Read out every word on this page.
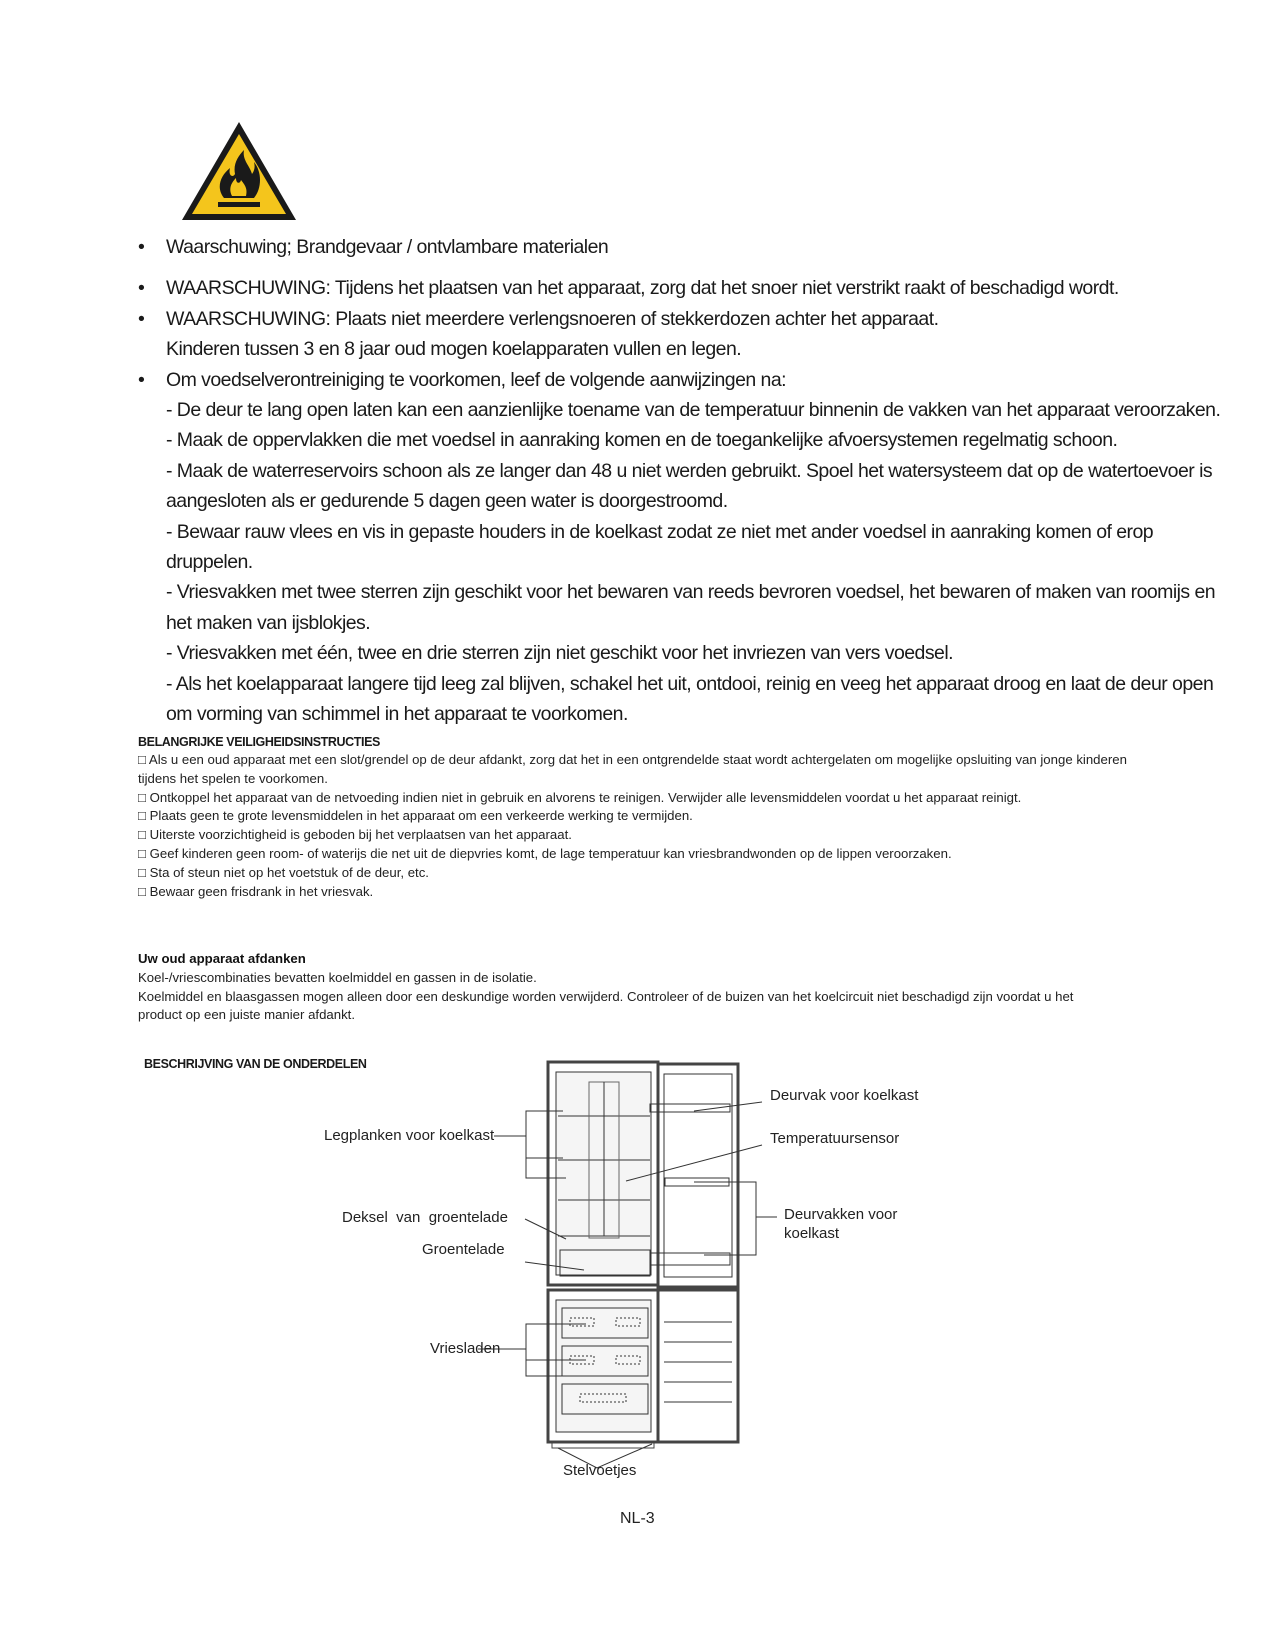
• Waarschuwing; Brandgevaar / ontvlambare materialen
• WAARSCHUWING: Tijdens het plaatsen van het apparaat, zorg dat het snoer niet verstrikt raakt of beschadigd wordt.
• WAARSCHUWING: Plaats niet meerdere verlengsnoeren of stekkerdozen achter het apparaat.
Kinderen tussen 3 en 8 jaar oud mogen koelapparaten vullen en legen.
• Om voedselverontreiniging te voorkomen, leef de volgende aanwijzingen na:
- De deur te lang open laten kan een aanzienlijke toename van de temperatuur binnenin de vakken van het apparaat veroorzaken.
- Maak de oppervlakken die met voedsel in aanraking komen en de toegankelijke afvoersystemen regelmatig schoon.
- Maak de waterreservoirs schoon als ze langer dan 48 u niet werden gebruikt. Spoel het watersysteem dat op de watertoevoer is aangesloten als er gedurende 5 dagen geen water is doorgestroomd.
- Bewaar rauw vlees en vis in gepaste houders in de koelkast zodat ze niet met ander voedsel in aanraking komen of erop druppelen.
- Vriesvakken met twee sterren zijn geschikt voor het bewaren van reeds bevroren voedsel, het bewaren of maken van roomijs en het maken van ijsblokjes.
- Vriesvakken met één, twee en drie sterren zijn niet geschikt voor het invriezen van vers voedsel.
- Als het koelapparaat langere tijd leeg zal blijven, schakel het uit, ontdooi, reinig en veeg het apparaat droog en laat de deur open om vorming van schimmel in het apparaat te voorkomen.
BELANGRIJKE VEILIGHEIDSINSTRUCTIES
□ Als u een oud apparaat met een slot/grendel op de deur afdankt, zorg dat het in een ontgrendelde staat wordt achtergelaten om mogelijke opsluiting van jonge kinderen tijdens het spelen te voorkomen.
□ Ontkoppel het apparaat van de netvoeding indien niet in gebruik en alvorens te reinigen. Verwijder alle levensmiddelen voordat u het apparaat reinigt.
□ Plaats geen te grote levensmiddelen in het apparaat om een verkeerde werking te vermijden.
□ Uiterste voorzichtigheid is geboden bij het verplaatsen van het apparaat.
□ Geef kinderen geen room- of waterijs die net uit de diepvries komt, de lage temperatuur kan vriesbrandwonden op de lippen veroorzaken.
□ Sta of steun niet op het voetstuk of de deur, etc.
□ Bewaar geen frisdrank in het vriesvak.
Uw oud apparaat afdanken
Koel-/vriescombinaties bevatten koelmiddel en gassen in de isolatie.
Koelmiddel en blaasgassen mogen alleen door een deskundige worden verwijderd. Controleer of de buizen van het koelcircuit niet beschadigd zijn voordat u het product op een juiste manier afdankt.
BESCHRIJVING VAN DE ONDERDELEN
Deurvak voor koelkast
Temperatuursensor
Deurvakken voor
koelkast
Legplanken voor koelkast
Deksel  van  groentelade
Groentelade
Vriesladen
Stelvoetjes
NL-3
